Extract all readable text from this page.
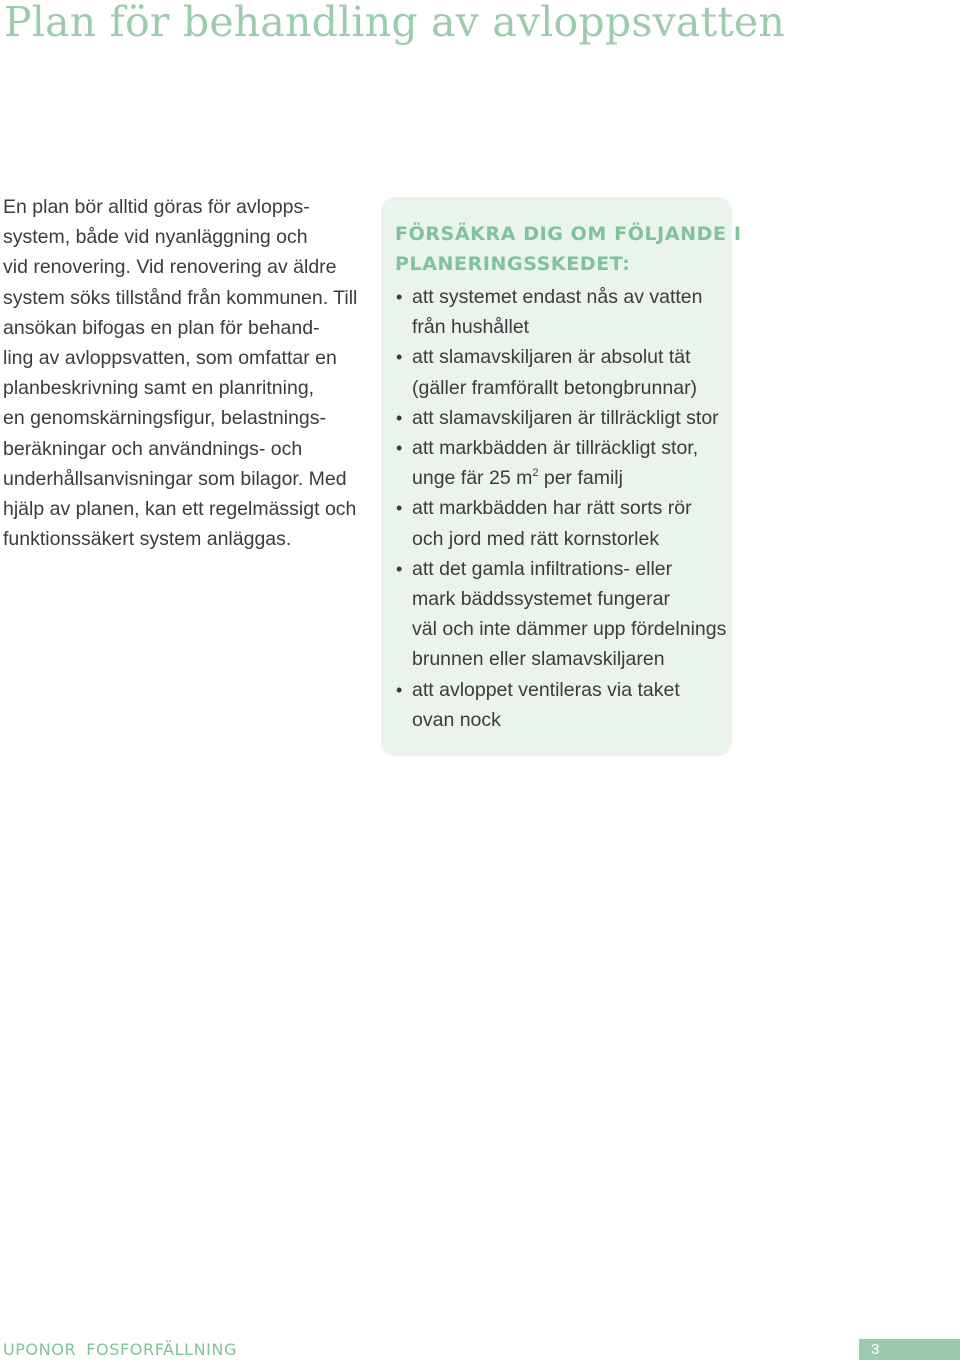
Plan för behandling av avloppsvatten
En plan bör alltid göras för avlopps-
system, både vid nyanläggning och
vid renovering. Vid renovering av äldre
system söks tillstånd från kommunen. Till
ansökan bifogas en plan för behand-
ling av avloppsvatten, som omfattar en
planbeskrivning samt en planritning,
en genomskärningsfigur, belastnings-
beräkningar och användnings- och
underhållsanvisningar som bilagor. Med
hjälp av planen, kan ett regelmässigt och
funktionssäkert system anläggas.
FÖRSÄKRA DIG OM FÖLJANDE I
PLANERINGSSKEDET:
• att systemet endast nås av vatten
från hushållet
• att slamavskiljaren är absolut tät
(gäller framförallt betongbrunnar)
• att slamavskiljaren är tillräckligt stor
• att markbädden är tillräckligt stor,
unge fär 25 $m^2$ per familj
• att markbädden har rätt sorts rör
och jord med rätt kornstorlek
• att det gamla infiltrations- eller
mark bäddssystemet fungerar
väl och inte dämmer upp fördelnings
brunnen eller slamavskiljaren
• att avloppet ventileras via taket
ovan nock
UPONOR FOSFORFÄLLNING	3
